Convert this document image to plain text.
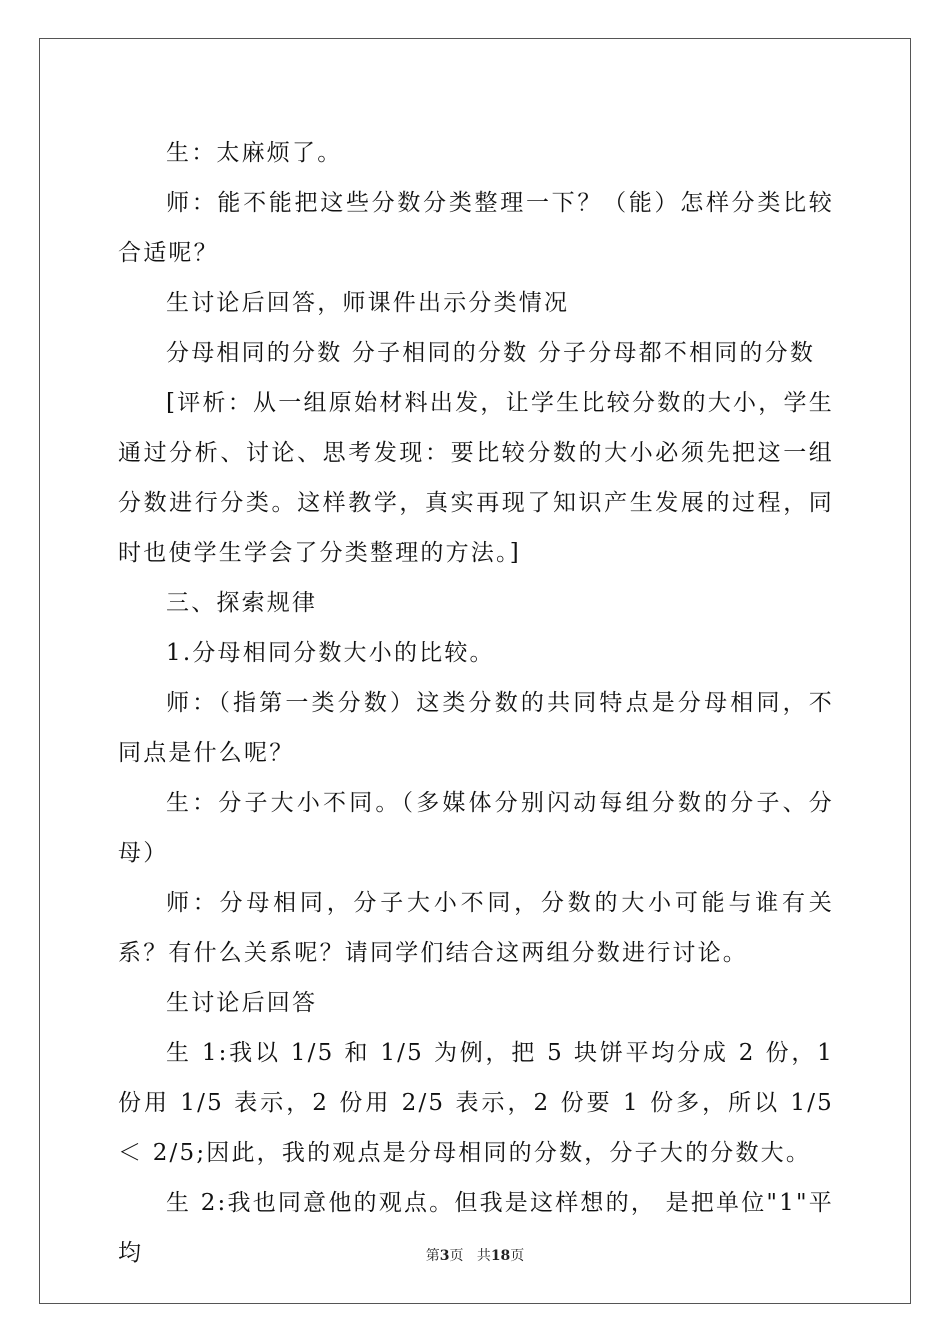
生：太麻烦了。

师：能不能把这些分数分类整理一下？（能）怎样分类比较合适呢？

生讨论后回答，师课件出示分类情况

分母相同的分数 分子相同的分数 分子分母都不相同的分数

[评析：从一组原始材料出发，让学生比较分数的大小，学生通过分析、讨论、思考发现：要比较分数的大小必须先把这一组分数进行分类。这样教学，真实再现了知识产生发展的过程，同时也使学生学会了分类整理的方法。]

三、探索规律

1.分母相同分数大小的比较。

师：（指第一类分数）这类分数的共同特点是分母相同，不同点是什么呢？

生：分子大小不同。（多媒体分别闪动每组分数的分子、分母）

师：分母相同，分子大小不同，分数的大小可能与谁有关系？有什么关系呢？请同学们结合这两组分数进行讨论。

生讨论后回答

生 1:我以 1/5 和 1/5 为例，把 5 块饼平均分成 2 份，1 份用 1/5 表示，2 份用 2/5 表示，2 份要 1 份多，所以 1/5 ＜ 2/5;因此，我的观点是分母相同的分数，分子大的分数大。

生 2:我也同意他的观点。但我是这样想的， 是把单位"1"平均	第3页 共18页
